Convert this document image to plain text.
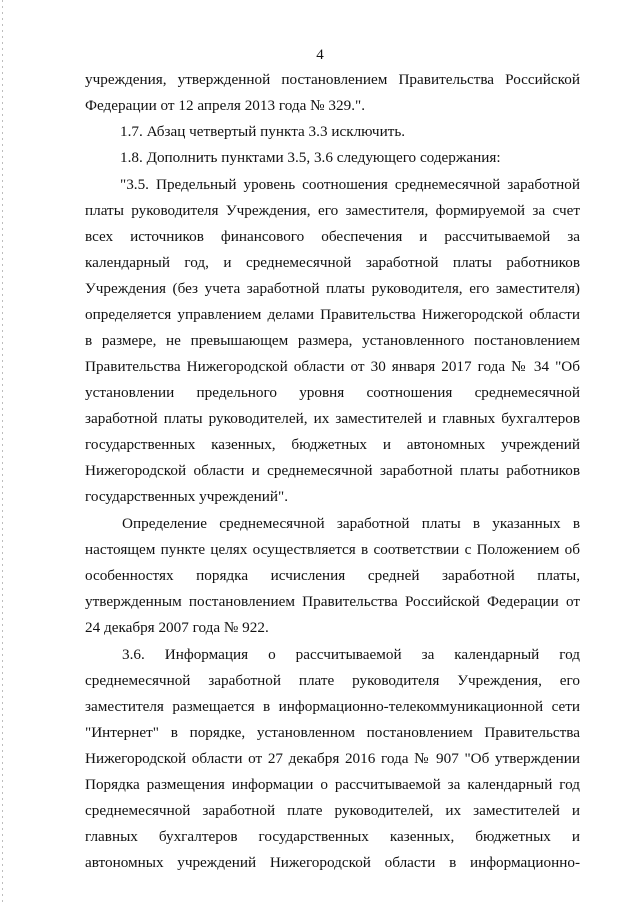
4
учреждения, утвержденной постановлением Правительства Российской
Федерации от 12 апреля 2013 года № 329.".
1.7. Абзац четвертый пункта 3.3 исключить.
1.8. Дополнить пунктами 3.5, 3.6 следующего содержания:
"3.5. Предельный уровень соотношения среднемесячной заработной
платы руководителя Учреждения, его заместителя, формируемой за счет
всех источников финансового обеспечения и рассчитываемой за
календарный год, и среднемесячной заработной платы работников
Учреждения (без учета заработной платы руководителя, его заместителя)
определяется управлением делами Правительства Нижегородской области
в размере, не превышающем размера, установленного постановлением
Правительства Нижегородской области от 30 января 2017 года № 34 "Об
установлении предельного уровня соотношения среднемесячной
заработной платы руководителей, их заместителей и главных бухгалтеров
государственных казенных, бюджетных и автономных учреждений
Нижегородской области и среднемесячной заработной платы работников
государственных учреждений".
Определение среднемесячной заработной платы в указанных в
настоящем пункте целях осуществляется в соответствии с Положением об
особенностях порядка исчисления средней заработной платы,
утвержденным постановлением Правительства Российской Федерации от
24 декабря 2007 года № 922.
3.6. Информация о рассчитываемой за календарный год
среднемесячной заработной плате руководителя Учреждения, его
заместителя размещается в информационно-телекоммуникационной сети
"Интернет" в порядке, установленном постановлением Правительства
Нижегородской области от 27 декабря 2016 года № 907 "Об утверждении
Порядка размещения информации о рассчитываемой за календарный год
среднемесячной заработной плате руководителей, их заместителей и
главных бухгалтеров государственных казенных, бюджетных и
автономных учреждений Нижегородской области в информационно-
